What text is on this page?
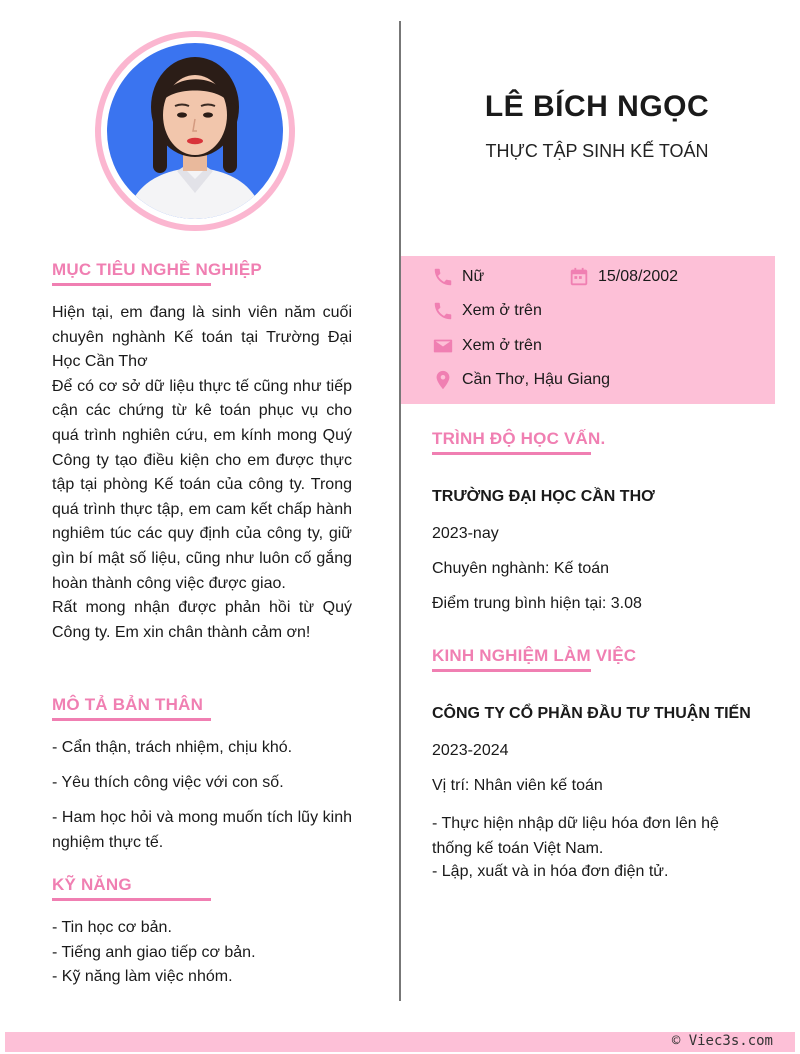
MỤC TIÊU NGHỀ NGHIỆP

Hiện tại, em đang là sinh viên năm cuối chuyên nghành Kế toán tại Trường Đại Học Cần Thơ

Để có cơ sở dữ liệu thực tế cũng như tiếp cận các chứng từ kê toán phục vụ cho quá trình nghiên cứu, em kính mong Quý Công ty tạo điều kiện cho em được thực tập tại phòng Kế toán của công ty. Trong quá trình thực tập, em cam kết chấp hành nghiêm túc các quy định của công ty, giữ gìn bí mật số liệu, cũng như luôn cố gắng hoàn thành công việc được giao.

Rất mong nhận được phản hồi từ Quý Công ty. Em xin chân thành cảm ơn!

MÔ TẢ BẢN THÂN
- Cẩn thận, trách nhiệm, chịu khó.
- Yêu thích công việc với con số.
- Ham học hỏi và mong muốn tích lũy kinh nghiệm thực tế.
KỸ NĂNG
- Tin học cơ bản.
- Tiếng anh giao tiếp cơ bản.
- Kỹ năng làm việc nhóm.
LÊ BÍCH NGỌC
THỰC TẬP SINH KẾ TOÁN
Nữ	15/08/2002
Xem ở trên
Xem ở trên
Cần Thơ, Hậu Giang
TRÌNH ĐỘ HỌC VẤN.
TRƯỜNG ĐẠI HỌC CẦN THƠ
2023-nay
Chuyên nghành: Kế toán
Điểm trung bình hiện tại: 3.08
KINH NGHIỆM LÀM VIỆC
CÔNG TY CỔ PHẦN ĐẦU TƯ THUẬN TIẾN
2023-2024
Vị trí: Nhân viên kế toán
- Thực hiện nhập dữ liệu hóa đơn lên hệ thống kế toán Việt Nam.
- Lập, xuất và in hóa đơn điện tử.
© Viec3s.com
